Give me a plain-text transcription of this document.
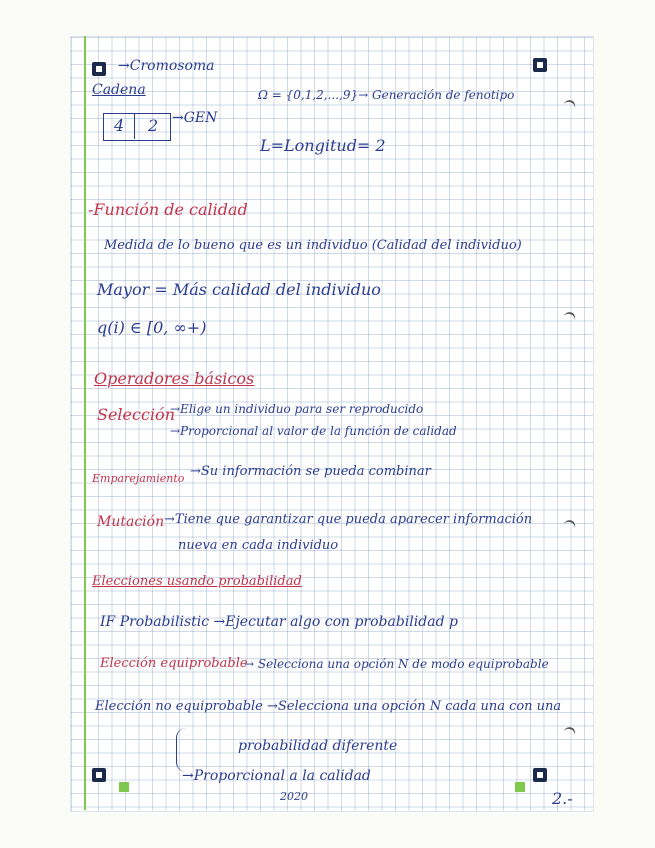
→Cromosoma
Cadena
4 2 →GEN
Ω = {0,1,2,...,9}→ Generación de fenotipo
L=Longitud= 2
-Función de calidad
Medida de lo bueno que es un individuo (Calidad del individuo)
Mayor = Más calidad del individuo
q(i) ∈ [0, ∞+)
Operadores básicos
Selección
→Elige un individuo para ser reproducido
→Proporcional al valor de la función de calidad
Emparejamiento →Su información se pueda combinar
Mutación →Tiene que garantizar que pueda aparecer información
nueva en cada individuo
Elecciones usando probabilidad
IF Probabilistic →Ejecutar algo con probabilidad p
Elección equiprobable
→ Selecciona una opción N de modo equiprobable
Elección no equiprobable →Selecciona una opción N cada una con una
probabilidad diferente
→Proporcional a la calidad
2020	2.-
